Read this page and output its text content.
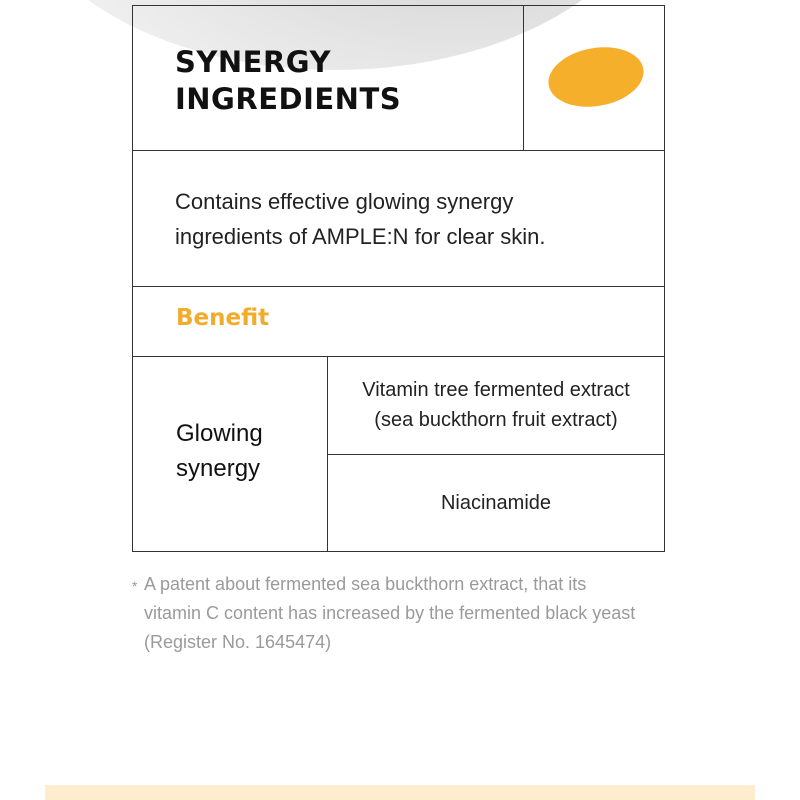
SYNERGY
INGREDIENTS

Contains effective glowing synergy
ingredients of AMPLE:N for clear skin.

Benefit
Glowing
synergy
Vitamin tree fermented extract
(sea buckthorn fruit extract)
Niacinamide
* A patent about fermented sea buckthorn extract, that its
vitamin C content has increased by the fermented black yeast
(Register No. 1645474)
